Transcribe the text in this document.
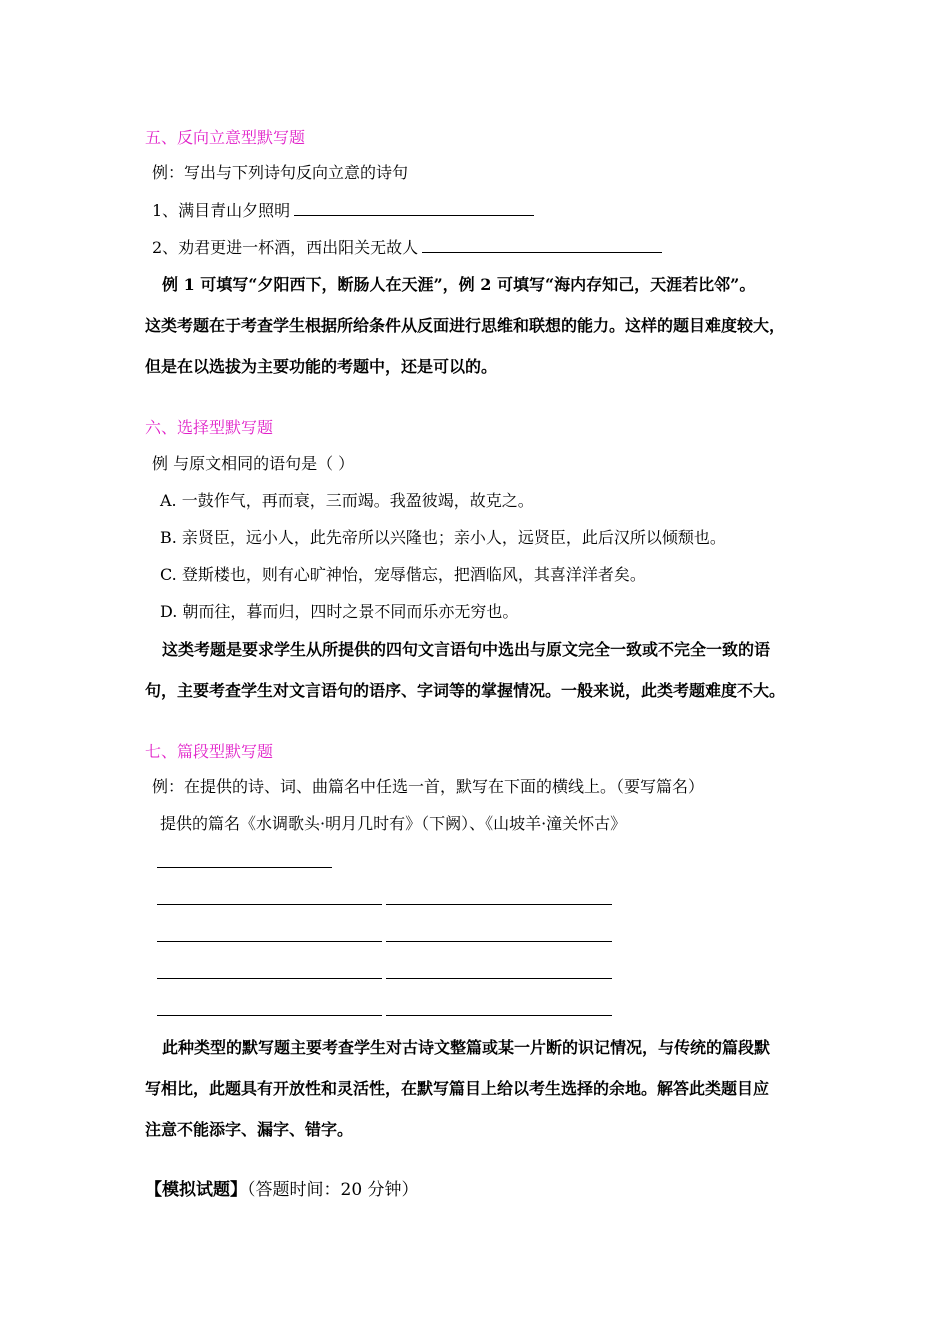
五、反向立意型默写题
例：写出与下列诗句反向立意的诗句
1、满目青山夕照明
2、劝君更进一杯酒，西出阳关无故人
例 1 可填写“夕阳西下，断肠人在天涯”，例 2 可填写“海内存知己，天涯若比邻”。
这类考题在于考查学生根据所给条件从反面进行思维和联想的能力。这样的题目难度较大，
但是在以选拔为主要功能的考题中，还是可以的。
六、选择型默写题
例 与原文相同的语句是（ ）
A. 一鼓作气，再而衰，三而竭。我盈彼竭，故克之。
B. 亲贤臣，远小人，此先帝所以兴隆也；亲小人，远贤臣，此后汉所以倾颓也。
C. 登斯楼也，则有心旷神怡，宠辱偕忘，把酒临风，其喜洋洋者矣。
D. 朝而往，暮而归，四时之景不同而乐亦无穷也。
这类考题是要求学生从所提供的四句文言语句中选出与原文完全一致或不完全一致的语
句，主要考查学生对文言语句的语序、字词等的掌握情况。一般来说，此类考题难度不大。
七、篇段型默写题
例：在提供的诗、词、曲篇名中任选一首，默写在下面的横线上。（要写篇名）
提供的篇名《水调歌头·明月几时有》（下阙）、《山坡羊·潼关怀古》
此种类型的默写题主要考查学生对古诗文整篇或某一片断的识记情况，与传统的篇段默
写相比，此题具有开放性和灵活性，在默写篇目上给以考生选择的余地。解答此类题目应
注意不能添字、漏字、错字。
【模拟试题】（答题时间：20 分钟）
